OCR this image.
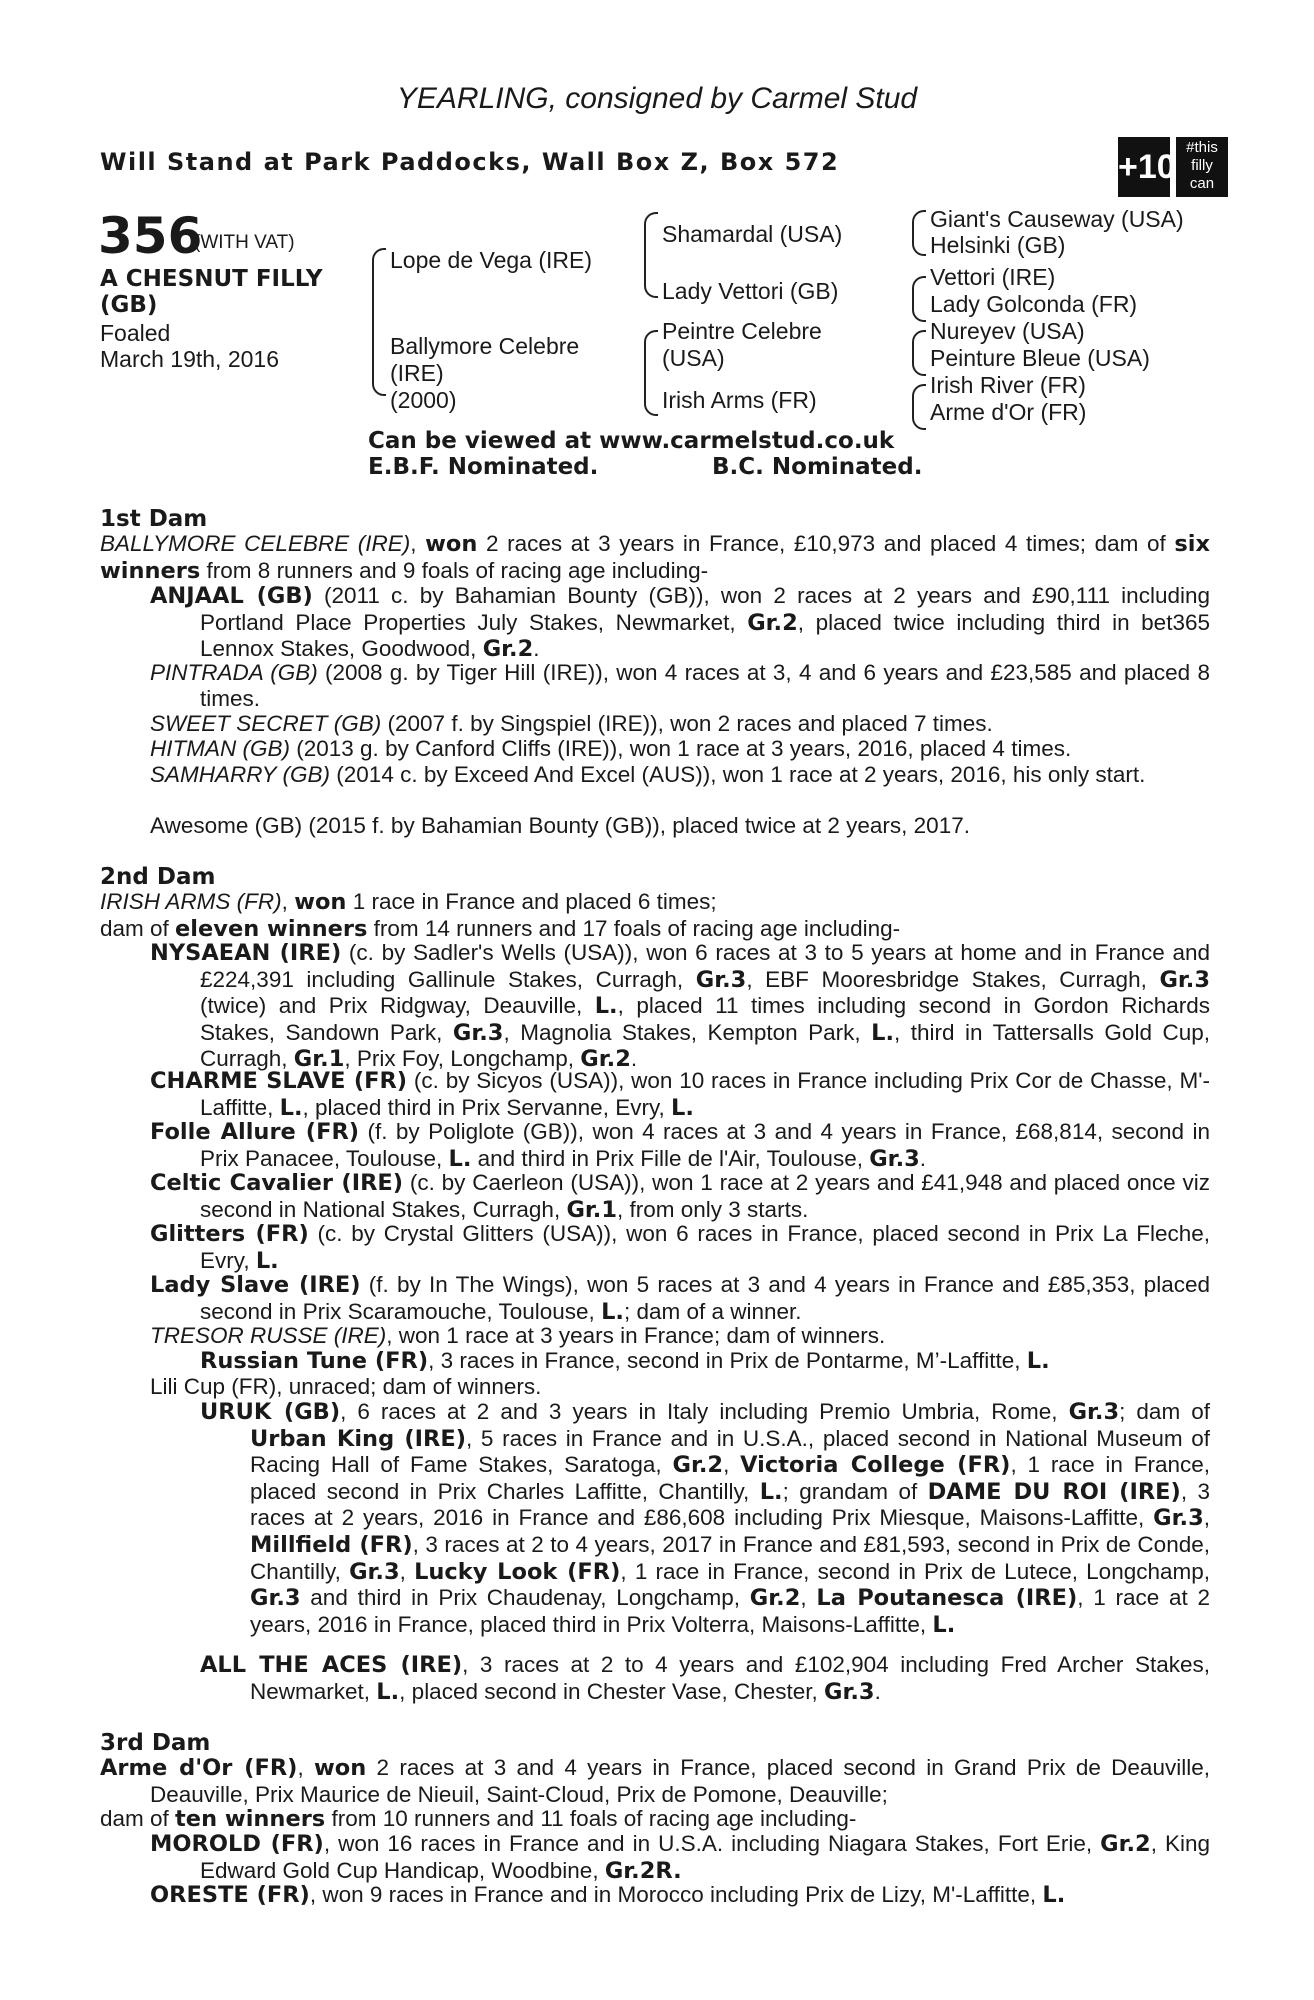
YEARLING, consigned by Carmel Stud
Will Stand at Park Paddocks, Wall Box Z, Box 572	+10
#this
filly
can
356
(WITH VAT)
A CHESNUT FILLY
(GB)
Foaled
March 19th, 2016
Lope de Vega (IRE)
Ballymore Celebre
(IRE)
(2000)
Shamardal (USA)
Lady Vettori (GB)
Peintre Celebre
(USA)
Irish Arms (FR)
Giant's Causeway (USA)
Helsinki (GB)
Vettori (IRE)
Lady Golconda (FR)
Nureyev (USA)
Peinture Bleue (USA)
Irish River (FR)
Arme d'Or (FR)
Can be viewed at www.carmelstud.co.uk
E.B.F. Nominated.	B.C. Nominated.
1st Dam
BALLYMORE CELEBRE (IRE), won 2 races at 3 years in France, £10,973 and placed 4 times; dam of six winners from 8 runners and 9 foals of racing age including-
ANJAAL (GB) (2011 c. by Bahamian Bounty (GB)), won 2 races at 2 years and £90,111 including Portland Place Properties July Stakes, Newmarket, Gr.2, placed twice including third in bet365 Lennox Stakes, Goodwood, Gr.2.
PINTRADA (GB) (2008 g. by Tiger Hill (IRE)), won 4 races at 3, 4 and 6 years and £23,585 and placed 8 times.
SWEET SECRET (GB) (2007 f. by Singspiel (IRE)), won 2 races and placed 7 times.
HITMAN (GB) (2013 g. by Canford Cliffs (IRE)), won 1 race at 3 years, 2016, placed 4 times.
SAMHARRY (GB) (2014 c. by Exceed And Excel (AUS)), won 1 race at 2 years, 2016, his only start.
Awesome (GB) (2015 f. by Bahamian Bounty (GB)), placed twice at 2 years, 2017.
2nd Dam
IRISH ARMS (FR), won 1 race in France and placed 6 times;
dam of eleven winners from 14 runners and 17 foals of racing age including-
NYSAEAN (IRE) (c. by Sadler's Wells (USA)), won 6 races at 3 to 5 years at home and in France and £224,391 including Gallinule Stakes, Curragh, Gr.3, EBF Mooresbridge Stakes, Curragh, Gr.3 (twice) and Prix Ridgway, Deauville, L., placed 11 times including second in Gordon Richards Stakes, Sandown Park, Gr.3, Magnolia Stakes, Kempton Park, L., third in Tattersalls Gold Cup, Curragh, Gr.1, Prix Foy, Longchamp, Gr.2.
CHARME SLAVE (FR) (c. by Sicyos (USA)), won 10 races in France including Prix Cor de Chasse, M'-Laffitte, L., placed third in Prix Servanne, Evry, L.
Folle Allure (FR) (f. by Poliglote (GB)), won 4 races at 3 and 4 years in France, £68,814, second in Prix Panacee, Toulouse, L. and third in Prix Fille de l'Air, Toulouse, Gr.3.
Celtic Cavalier (IRE) (c. by Caerleon (USA)), won 1 race at 2 years and £41,948 and placed once viz second in National Stakes, Curragh, Gr.1, from only 3 starts.
Glitters (FR) (c. by Crystal Glitters (USA)), won 6 races in France, placed second in Prix La Fleche, Evry, L.
Lady Slave (IRE) (f. by In The Wings), won 5 races at 3 and 4 years in France and £85,353, placed second in Prix Scaramouche, Toulouse, L.; dam of a winner.
TRESOR RUSSE (IRE), won 1 race at 3 years in France; dam of winners.
Russian Tune (FR), 3 races in France, second in Prix de Pontarme, M’-Laffitte, L.
Lili Cup (FR), unraced; dam of winners.
URUK (GB), 6 races at 2 and 3 years in Italy including Premio Umbria, Rome, Gr.3; dam of Urban King (IRE), 5 races in France and in U.S.A., placed second in National Museum of Racing Hall of Fame Stakes, Saratoga, Gr.2, Victoria College (FR), 1 race in France, placed second in Prix Charles Laffitte, Chantilly, L.; grandam of DAME DU ROI (IRE), 3 races at 2 years, 2016 in France and £86,608 including Prix Miesque, Maisons-Laffitte, Gr.3, Millfield (FR), 3 races at 2 to 4 years, 2017 in France and £81,593, second in Prix de Conde, Chantilly, Gr.3, Lucky Look (FR), 1 race in France, second in Prix de Lutece, Longchamp, Gr.3 and third in Prix Chaudenay, Longchamp, Gr.2, La Poutanesca (IRE), 1 race at 2 years, 2016 in France, placed third in Prix Volterra, Maisons-Laffitte, L.
ALL THE ACES (IRE), 3 races at 2 to 4 years and £102,904 including Fred Archer Stakes, Newmarket, L., placed second in Chester Vase, Chester, Gr.3.
3rd Dam
Arme d'Or (FR), won 2 races at 3 and 4 years in France, placed second in Grand Prix de Deauville, Deauville, Prix Maurice de Nieuil, Saint-Cloud, Prix de Pomone, Deauville;
dam of ten winners from 10 runners and 11 foals of racing age including-
MOROLD (FR), won 16 races in France and in U.S.A. including Niagara Stakes, Fort Erie, Gr.2, King Edward Gold Cup Handicap, Woodbine, Gr.2R.
ORESTE (FR), won 9 races in France and in Morocco including Prix de Lizy, M'-Laffitte, L.
